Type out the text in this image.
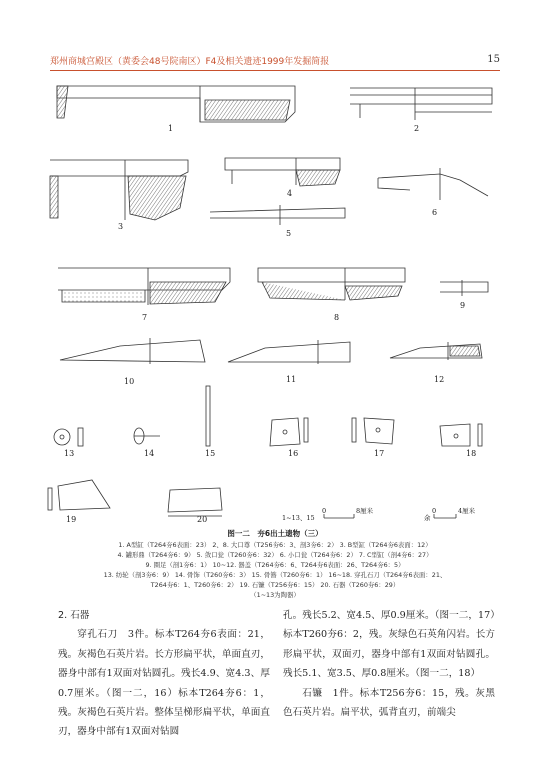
郑州商城宫殿区（黄委会48号院南区）F4及相关遗迹1999年发掘简报	15
1	2
3
4
5
6
7	8
9
10	11	12
13	14	15	16	17	18
19	20	1~13、15
0	8厘米
余
0	4厘米
图一二　夯6出土遗物（三）
1. A型缸（T264夯6表面：23） 2、8. 大口尊（T256夯6：3、剖3夯6：2） 3. B型缸（T264夯6表面：12）
4. 罐形鼎（T264夯6：9） 5. 敛口瓮（T260夯6：32） 6. 小口瓮（T264夯6：2） 7. C型缸（剖4夯6：27）
9. 圈足（剖1夯6：1） 10~12. 器盖（T264夯6：6、T264夯6表面：26、T264夯6：5）
13. 纺轮（剖3夯6：9） 14. 骨饰（T260夯6：3） 15. 骨簪（T260夯6：1） 16~18. 穿孔石刀（T264夯6表面：21、
T264夯6：1、T260夯6：2） 19. 石镰（T256夯6：15） 20. 石器（T260夯6：29）
（1~13为陶器）

2. 石器

穿孔石刀　3件。标本T264夯6表面：21，残。灰褐色石英片岩。长方形扁平状，单面直刃，器身中部有1双面对钻圆孔。残长4.9、宽4.3、厚0.7厘米。（图一二，16）标本T264夯6：1，残。灰褐色石英片岩。整体呈梯形扁平状，单面直刃，器身中部有1双面对钻圆

孔。残长5.2、宽4.5、厚0.9厘米。（图一二，17）标本T260夯6：2，残。灰绿色石英角闪岩。长方形扁平状，双面刃，器身中部有1双面对钻圆孔。残长5.1、宽3.5、厚0.8厘米。（图一二，18）

石镰　1件。标本T256夯6：15，残。灰黑色石英片岩。扁平状，弧背直刃，前端尖
